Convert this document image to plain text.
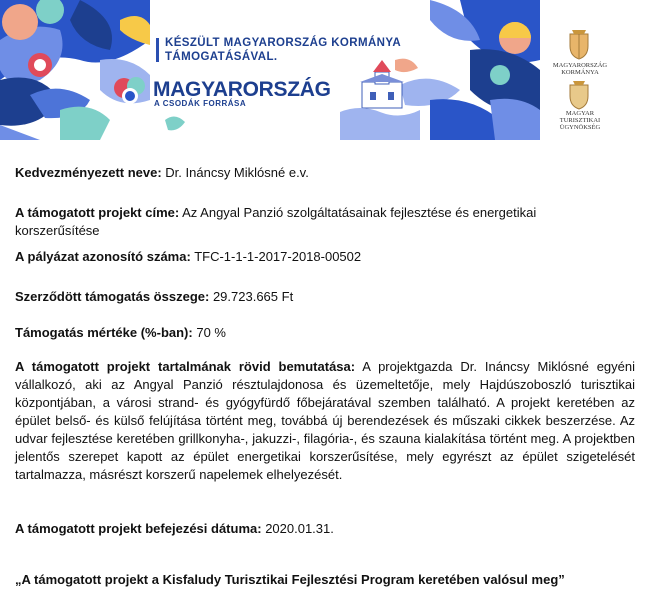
KÉSZÜLT MAGYARORSZÁG KORMÁNYA
TÁMOGATÁSÁVAL.
MAGYARORSZÁG
A CSODÁK FORRÁSA
MAGYARORSZÁG
KORMÁNYA
MAGYAR
TURISZTIKAI ÜGYNÖKSÉG
Kedvezményezett neve: Dr. Ináncsy Miklósné e.v.
A támogatott projekt címe: Az Angyal Panzió szolgáltatásainak fejlesztése és energetikai
korszerűsítése
A pályázat azonosító száma: TFC-1-1-1-2017-2018-00502
Szerződött támogatás összege: 29.723.665 Ft
Támogatás mértéke (%-ban): 70 %
A támogatott projekt tartalmának rövid bemutatása: A projektgazda Dr. Ináncsy Miklósné egyéni vállalkozó, aki az Angyal Panzió résztulajdonosa és üzemeltetője, mely Hajdúszoboszló turisztikai központjában, a városi strand- és gyógyfürdő főbejáratával szemben található. A projekt keretében az épület belső- és külső felújítása történt meg, továbbá új berendezések és műszaki cikkek beszerzése. Az udvar fejlesztése keretében grillkonyha-, jakuzzi-, filagória-, és szauna kialakítása történt meg. A projektben jelentős szerepet kapott az épület energetikai korszerűsítése, mely egyrészt az épület szigetelését tartalmazza, másrészt korszerű napelemek elhelyezését.
A támogatott projekt befejezési dátuma: 2020.01.31.
„A támogatott projekt a Kisfaludy Turisztikai Fejlesztési Program keretében valósul meg”
